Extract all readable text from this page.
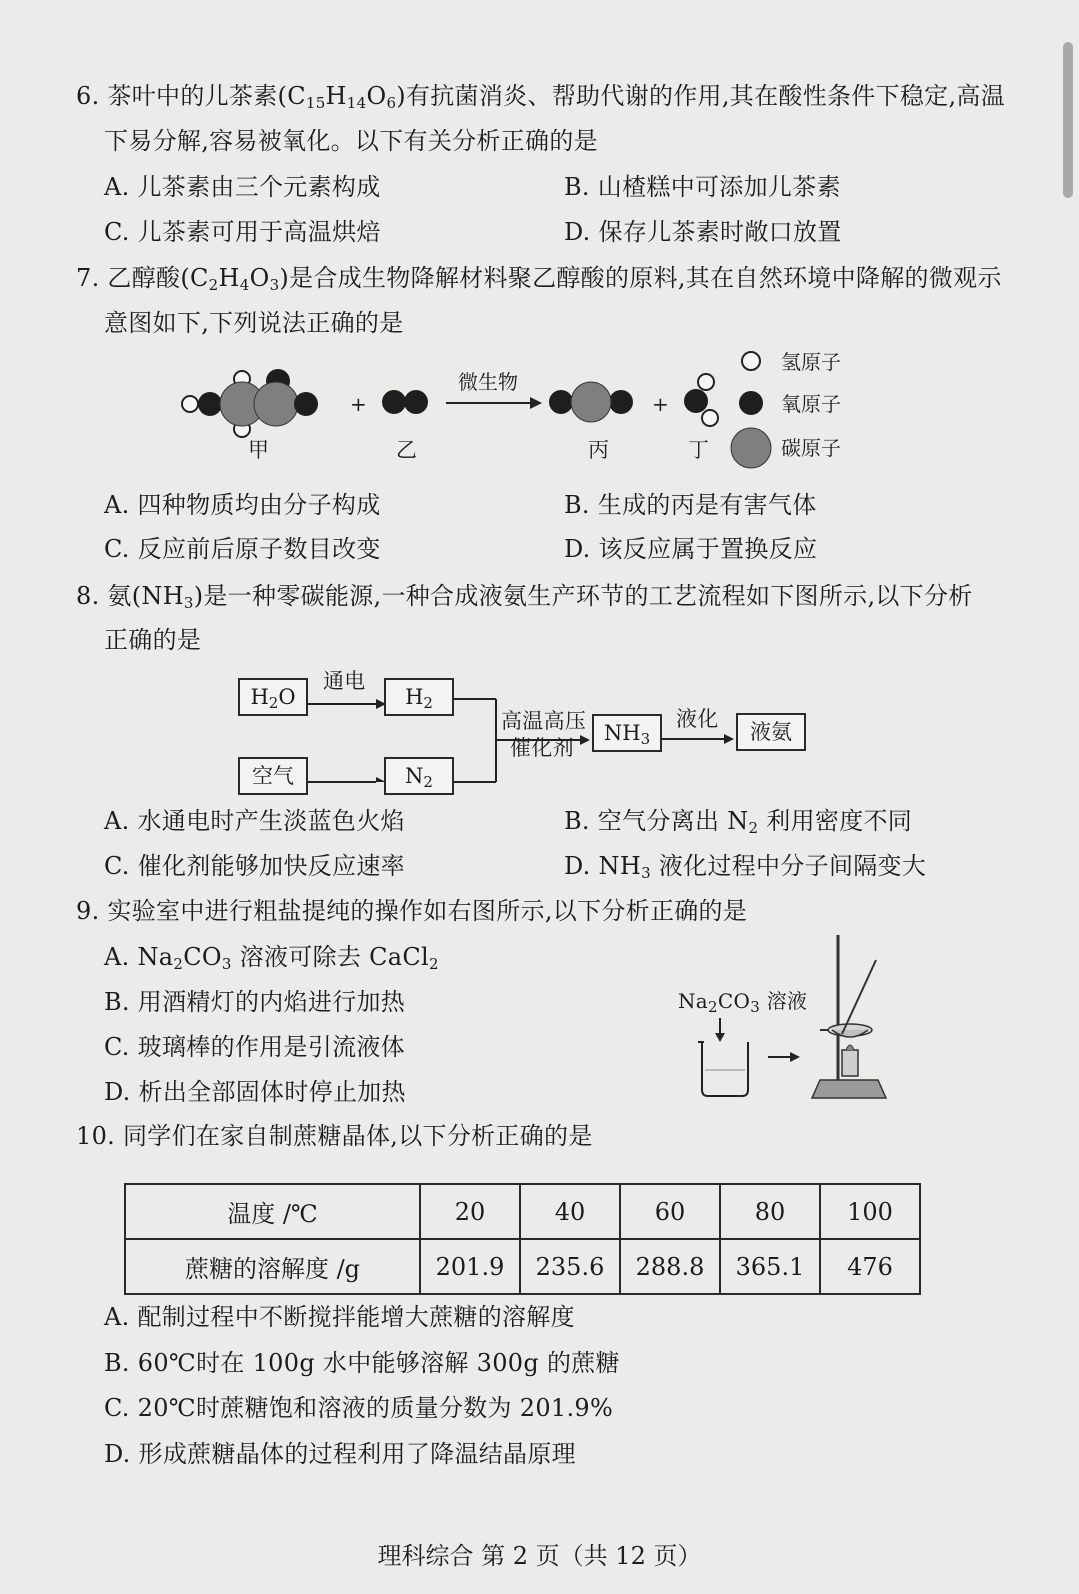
6. 茶叶中的儿茶素$(C_{15}H_{14}O_6)$有抗菌消炎、帮助代谢的作用,其在酸性条件下稳定,高温
下易分解,容易被氧化。以下有关分析正确的是
A. 儿茶素由三个元素构成	B. 山楂糕中可添加儿茶素
C. 儿茶素可用于高温烘焙	D. 保存儿茶素时敞口放置
7. 乙醇酸$(C_2H_4O_3)$是合成生物降解材料聚乙醇酸的原料,其在自然环境中降解的微观示
意图如下,下列说法正确的是
甲
+
乙
微生物
丙
+
丁
氢原子
氧原子
碳原子
A. 四种物质均由分子构成	B. 生成的丙是有害气体
C. 反应前后原子数目改变	D. 该反应属于置换反应
8. 氨$(NH_3)$是一种零碳能源,一种合成液氨生产环节的工艺流程如下图所示,以下分析
正确的是
$H_2O$
通电
$H_2$
空气	$N_2$
高温高压
催化剂
$NH_3$
液化
液氨
A. 水通电时产生淡蓝色火焰	B. 空气分离出 $N_2$ 利用密度不同
C. 催化剂能够加快反应速率	D. $NH_3$ 液化过程中分子间隔变大
9. 实验室中进行粗盐提纯的操作如右图所示,以下分析正确的是
A. $Na_2CO_3$ 溶液可除去 CaCl$_2$
B. 用酒精灯的内焰进行加热
C. 玻璃棒的作用是引流液体
D. 析出全部固体时停止加热
$Na_2CO_3$ 溶液
10. 同学们在家自制蔗糖晶体,以下分析正确的是
温度 /℃	20	40	60	80	100
蔗糖的溶解度 /g	201.9	235.6	288.8	365.1	476
A. 配制过程中不断搅拌能增大蔗糖的溶解度
B. 60℃时在 100g 水中能够溶解 300g 的蔗糖
C. 20℃时蔗糖饱和溶液的质量分数为 201.9%
D. 形成蔗糖晶体的过程利用了降温结晶原理
理科综合 第 2 页（共 12 页）
